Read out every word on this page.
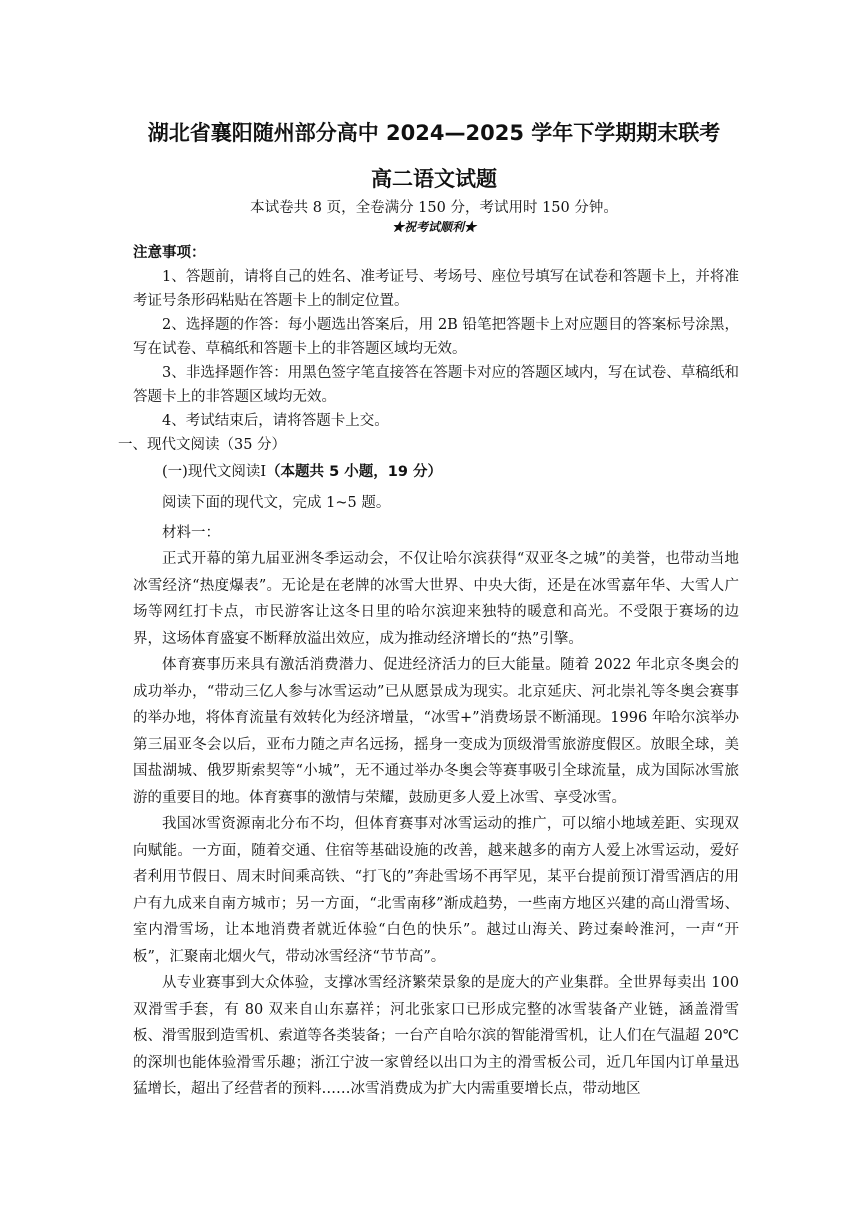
湖北省襄阳随州部分高中 2024—2025 学年下学期期末联考
高二语文试题
本试卷共 8 页，全卷满分 150 分，考试用时 150 分钟。
★祝考试顺利★
注意事项：

1、答题前，请将自己的姓名、准考证号、考场号、座位号填写在试卷和答题卡上，并将准考证号条形码粘贴在答题卡上的制定位置。

2、选择题的作答：每小题选出答案后，用 2B 铅笔把答题卡上对应题目的答案标号涂黑，写在试卷、草稿纸和答题卡上的非答题区域均无效。

3、非选择题作答：用黑色签字笔直接答在答题卡对应的答题区域内，写在试卷、草稿纸和答题卡上的非答题区域均无效。

4、考试结束后，请将答题卡上交。

一、现代文阅读（35 分）
(一)现代文阅读Ⅰ（本题共 5 小题，19 分）
阅读下面的现代文，完成 1~5 题。
材料一：

正式开幕的第九届亚洲冬季运动会，不仅让哈尔滨获得“双亚冬之城”的美誉，也带动当地冰雪经济“热度爆表”。无论是在老牌的冰雪大世界、中央大街，还是在冰雪嘉年华、大雪人广场等网红打卡点，市民游客让这冬日里的哈尔滨迎来独特的暖意和高光。不受限于赛场的边界，这场体育盛宴不断释放溢出效应，成为推动经济增长的“热”引擎。

体育赛事历来具有激活消费潜力、促进经济活力的巨大能量。随着 2022 年北京冬奥会的成功举办，“带动三亿人参与冰雪运动”已从愿景成为现实。北京延庆、河北崇礼等冬奥会赛事的举办地，将体育流量有效转化为经济增量，“冰雪+”消费场景不断涌现。1996 年哈尔滨举办第三届亚冬会以后，亚布力随之声名远扬，摇身一变成为顶级滑雪旅游度假区。放眼全球，美国盐湖城、俄罗斯索契等“小城”，无不通过举办冬奥会等赛事吸引全球流量，成为国际冰雪旅游的重要目的地。体育赛事的激情与荣耀，鼓励更多人爱上冰雪、享受冰雪。

我国冰雪资源南北分布不均，但体育赛事对冰雪运动的推广，可以缩小地域差距、实现双向赋能。一方面，随着交通、住宿等基础设施的改善，越来越多的南方人爱上冰雪运动，爱好者利用节假日、周末时间乘高铁、“打飞的”奔赴雪场不再罕见，某平台提前预订滑雪酒店的用户有九成来自南方城市；另一方面，“北雪南移”渐成趋势，一些南方地区兴建的高山滑雪场、室内滑雪场，让本地消费者就近体验“白色的快乐”。越过山海关、跨过秦岭淮河，一声“开板”，汇聚南北烟火气，带动冰雪经济“节节高”。

从专业赛事到大众体验，支撑冰雪经济繁荣景象的是庞大的产业集群。全世界每卖出 100 双滑雪手套，有 80 双来自山东嘉祥；河北张家口已形成完整的冰雪装备产业链，涵盖滑雪板、滑雪服到造雪机、索道等各类装备；一台产自哈尔滨的智能滑雪机，让人们在气温超 20℃的深圳也能体验滑雪乐趣；浙江宁波一家曾经以出口为主的滑雪板公司，近几年国内订单量迅猛增长，超出了经营者的预料……冰雪消费成为扩大内需重要增长点，带动地区
